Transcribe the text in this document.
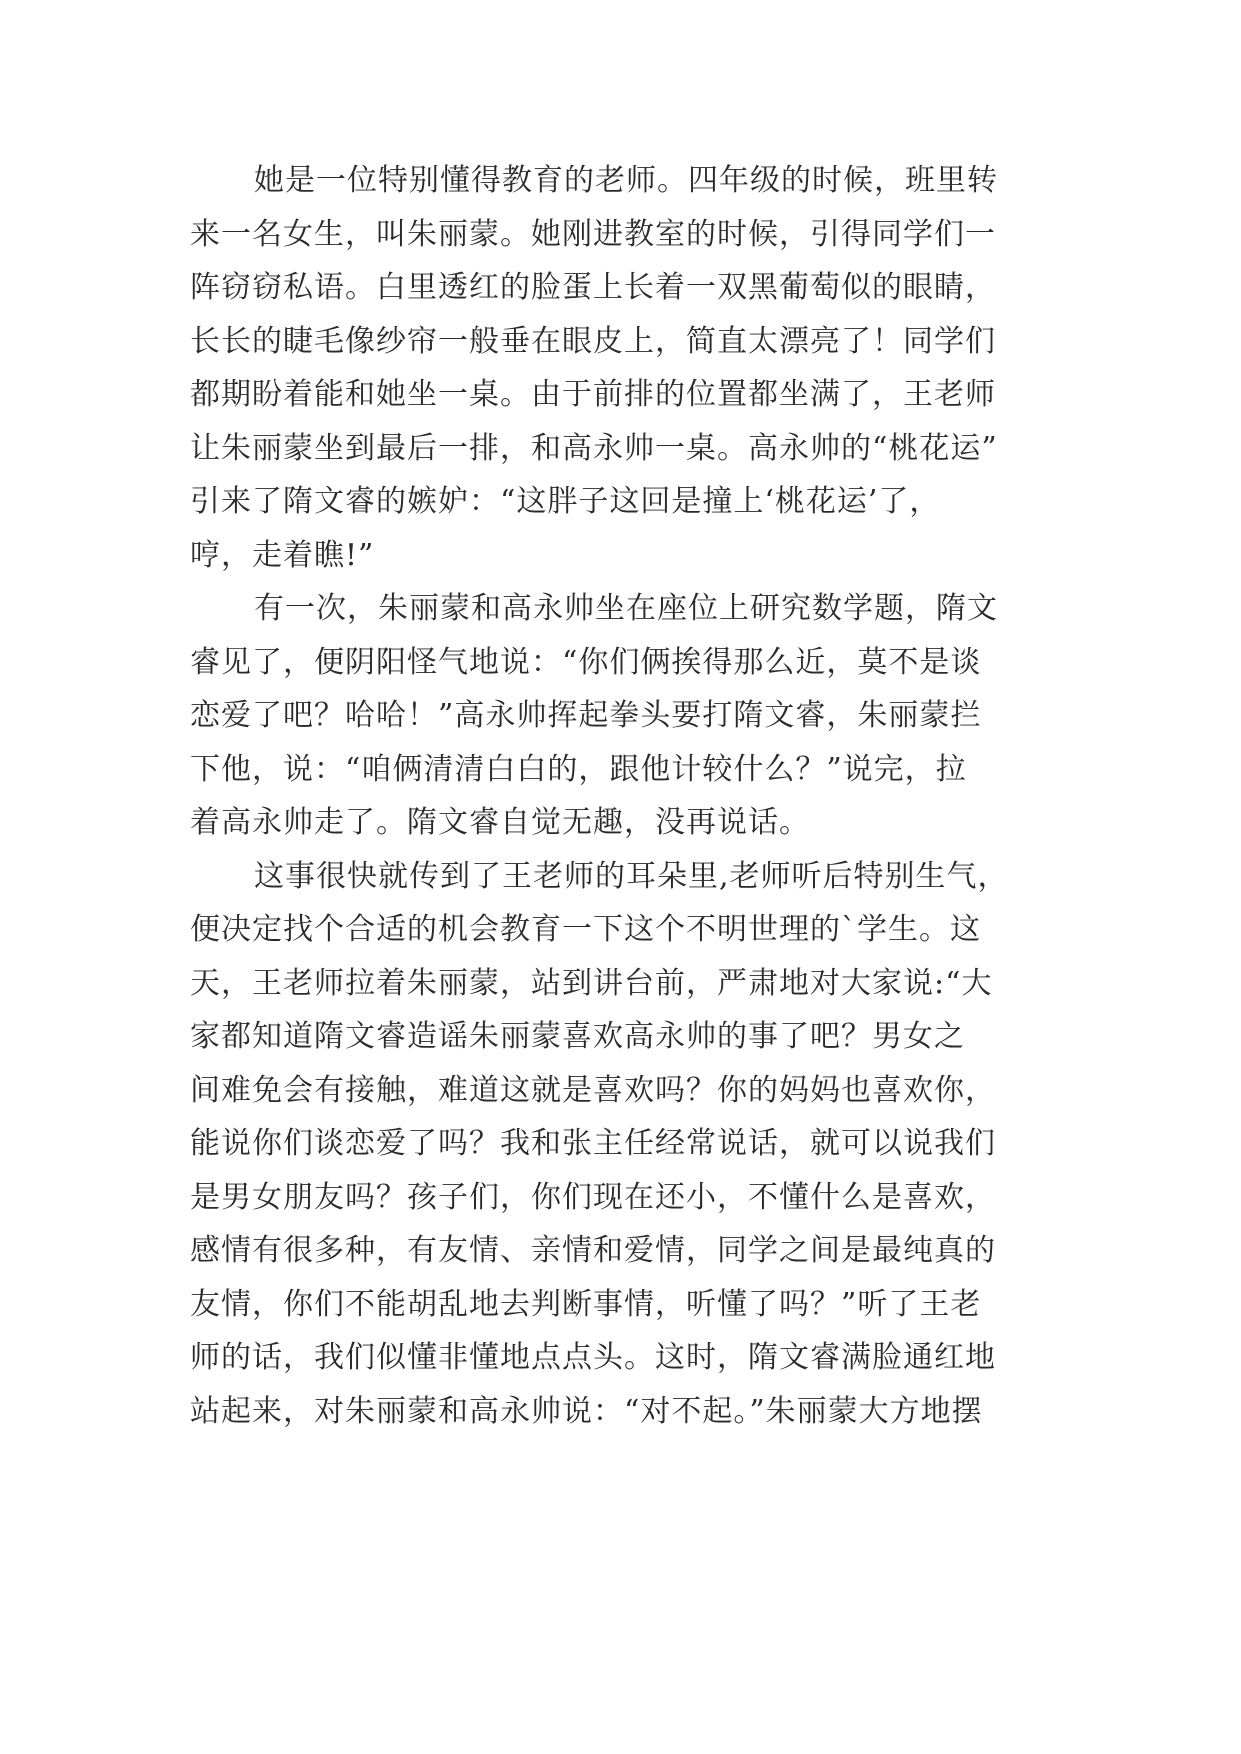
她是一位特别懂得教育的老师。四年级的时候，班里转
来一名女生，叫朱丽蒙。她刚进教室的时候，引得同学们一
阵窃窃私语。白里透红的脸蛋上长着一双黑葡萄似的眼睛，
长长的睫毛像纱帘一般垂在眼皮上，简直太漂亮了！同学们
都期盼着能和她坐一桌。由于前排的位置都坐满了，王老师
让朱丽蒙坐到最后一排，和高永帅一桌。高永帅的“桃花运”
引来了隋文睿的嫉妒：“这胖子这回是撞上‘桃花运’了，
哼，走着瞧!”
有一次，朱丽蒙和高永帅坐在座位上研究数学题，隋文
睿见了，便阴阳怪气地说：“你们俩挨得那么近，莫不是谈
恋爱了吧？哈哈！”高永帅挥起拳头要打隋文睿，朱丽蒙拦
下他，说：“咱俩清清白白的，跟他计较什么？”说完，拉
着高永帅走了。隋文睿自觉无趣，没再说话。
这事很快就传到了王老师的耳朵里,老师听后特别生气，
便决定找个合适的机会教育一下这个不明世理的`学生。这
天，王老师拉着朱丽蒙，站到讲台前，严肃地对大家说:“大
家都知道隋文睿造谣朱丽蒙喜欢高永帅的事了吧？男女之
间难免会有接触，难道这就是喜欢吗？你的妈妈也喜欢你，
能说你们谈恋爱了吗？我和张主任经常说话，就可以说我们
是男女朋友吗？孩子们，你们现在还小，不懂什么是喜欢，
感情有很多种，有友情、亲情和爱情，同学之间是最纯真的
友情，你们不能胡乱地去判断事情，听懂了吗？”听了王老
师的话，我们似懂非懂地点点头。这时，隋文睿满脸通红地
站起来，对朱丽蒙和高永帅说：“对不起。”朱丽蒙大方地摆
